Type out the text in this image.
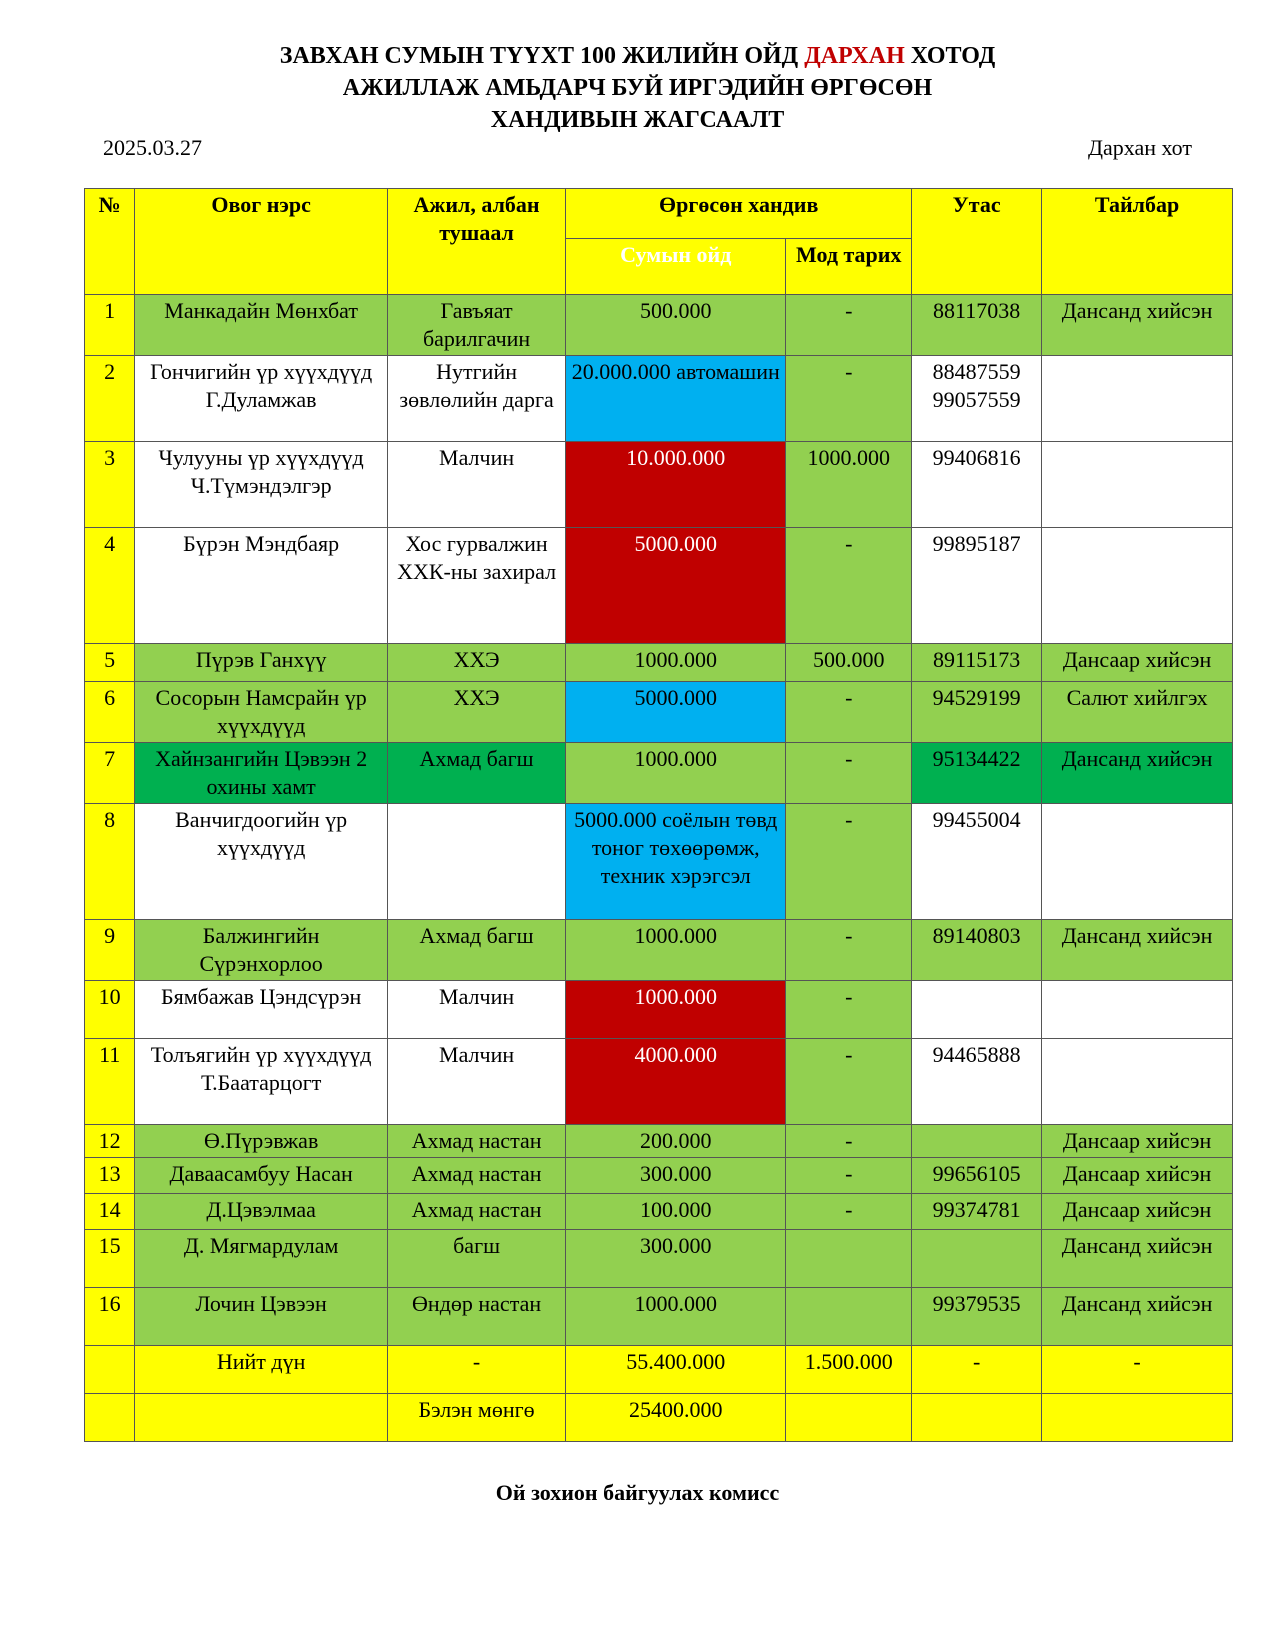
ЗАВХАН СУМЫН ТҮҮХТ 100 ЖИЛИЙН ОЙД ДАРХАН ХОТОД
АЖИЛЛАЖ АМЬДАРЧ БУЙ ИРГЭДИЙН ӨРГӨСӨН
ХАНДИВЫН ЖАГСААЛТ
2025.03.27	Дархан хот
№	Овог нэрс	Ажил, албан тушаал	Өргөсөн хандив		Утас	Тайлбар
			Сумын ойд	Мод тарих		
1	Манкадайн Мөнхбат	Гавъяат барилгачин	500.000	-	88117038	Дансанд хийсэн
2	Гончигийн үр хүүхдүүд Г.Дуламжав	Нутгийн зөвлөлийн дарга	20.000.000 автомашин	-	88487559 99057559	
3	Чулууны үр хүүхдүүд Ч.Түмэндэлгэр	Малчин	10.000.000	1000.000	99406816	
4	Бүрэн Мэндбаяр	Хос гурвалжин ХХК-ны захирал	5000.000	-	99895187	
5	Пүрэв Ганхүү	ХХЭ	1000.000	500.000	89115173	Дансаар хийсэн
6	Сосорын Намсрайн үр хүүхдүүд	ХХЭ	5000.000	-	94529199	Салют хийлгэх
7	Хайнзангийн Цэвээн 2 охины хамт	Ахмад багш	1000.000	-	95134422	Дансанд хийсэн
8	Ванчигдоогийн үр хүүхдүүд		5000.000 соёлын төвд тоног төхөөрөмж, техник хэрэгсэл	-	99455004	
9	Балжингийн Сүрэнхорлоо	Ахмад багш	1000.000	-	89140803	Дансанд хийсэн
10	Бямбажав Цэндсүрэн	Малчин	1000.000	-		
11	Толъягийн үр хүүхдүүд Т.Баатарцогт	Малчин	4000.000	-	94465888	
12	Ө.Пүрэвжав	Ахмад настан	200.000	-		Дансаар хийсэн
13	Даваасамбуу Насан	Ахмад настан	300.000	-	99656105	Дансаар хийсэн
14	Д.Цэвэлмаа	Ахмад настан	100.000	-	99374781	Дансаар хийсэн
15	Д. Мягмардулам	багш	300.000			Дансанд хийсэн
16	Лочин Цэвээн	Өндөр настан	1000.000		99379535	Дансанд хийсэн
	Нийт дүн	-	55.400.000	1.500.000	-	-
		Бэлэн мөнгө	25400.000			
Ой зохион байгуулах комисс
